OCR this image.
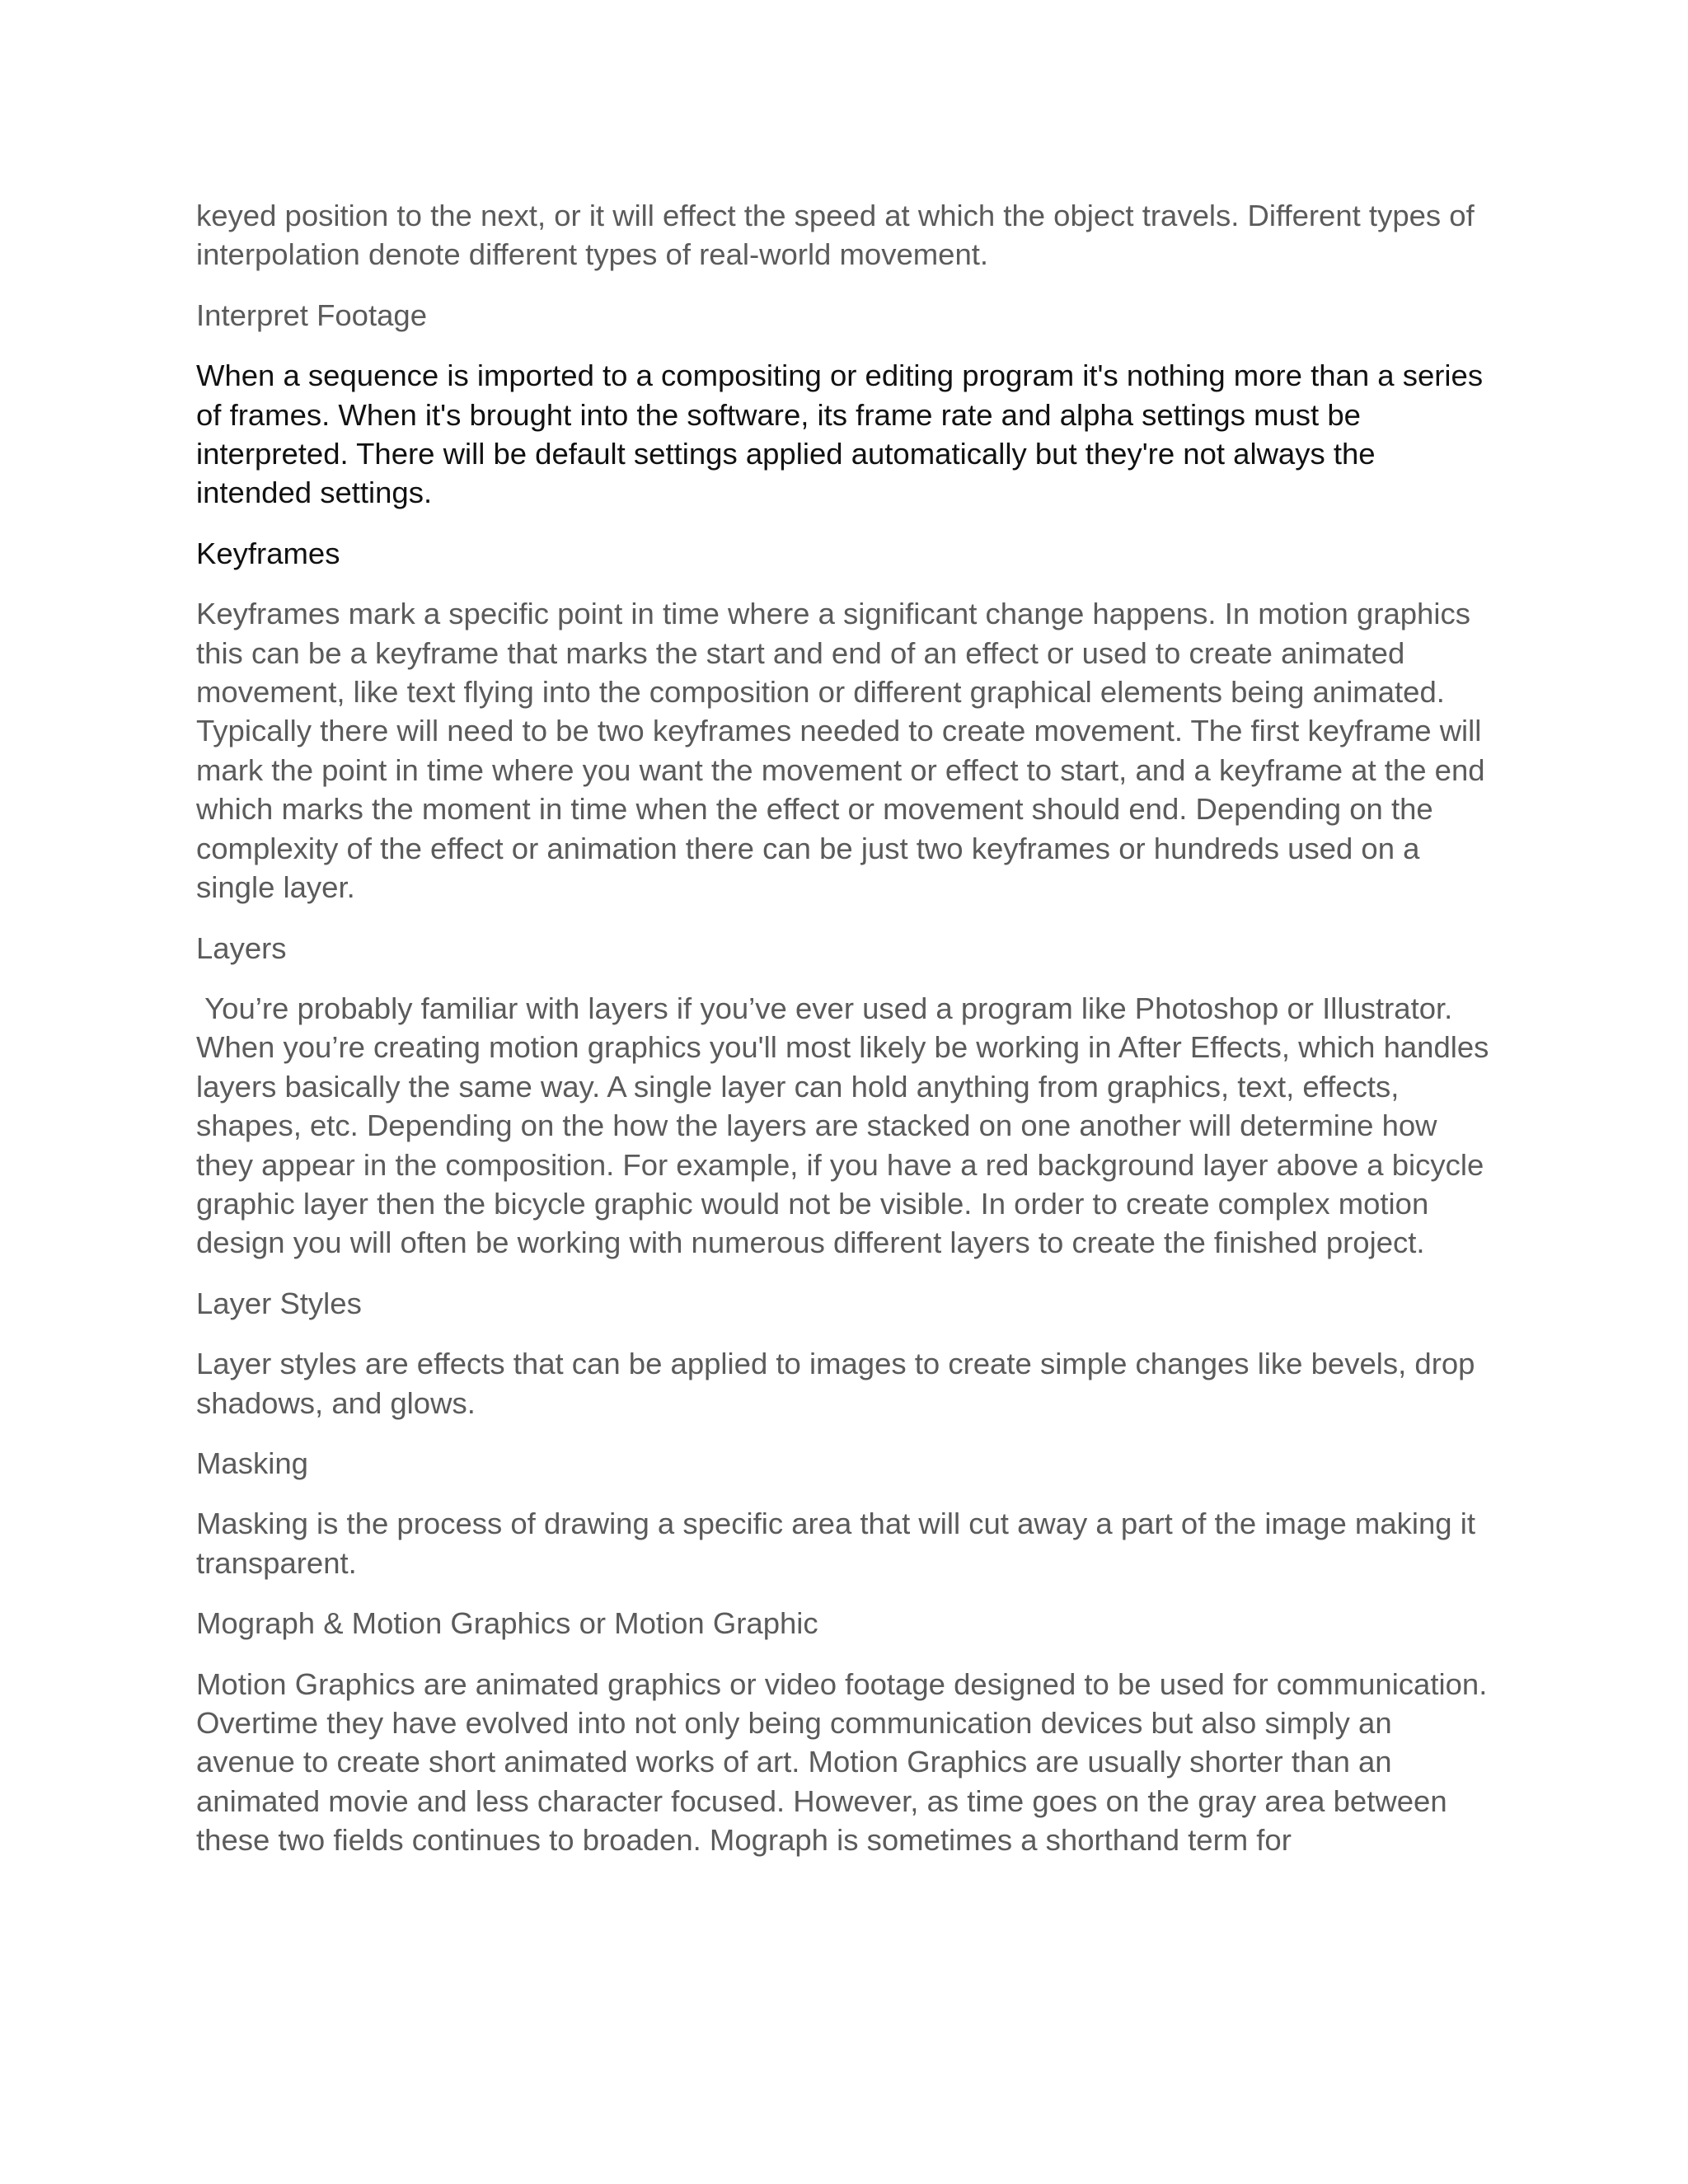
keyed position to the next, or it will effect the speed at which the object travels. Different types of interpolation denote different types of real-world movement.

Interpret Footage

When a sequence is imported to a compositing or editing program it's nothing more than a series of frames. When it's brought into the software, its frame rate and alpha settings must be interpreted. There will be default settings applied automatically but they're not always the intended settings.

Keyframes

Keyframes mark a specific point in time where a significant change happens. In motion graphics this can be a keyframe that marks the start and end of an effect or used to create animated movement, like text flying into the composition or different graphical elements being animated. Typically there will need to be two keyframes needed to create movement. The first keyframe will mark the point in time where you want the movement or effect to start, and a keyframe at the end which marks the moment in time when the effect or movement should end. Depending on the complexity of the effect or animation there can be just two keyframes or hundreds used on a single layer.

Layers

You’re probably familiar with layers if you’ve ever used a program like Photoshop or Illustrator. When you’re creating motion graphics you'll most likely be working in After Effects, which handles layers basically the same way. A single layer can hold anything from graphics, text, effects, shapes, etc. Depending on the how the layers are stacked on one another will determine how they appear in the composition. For example, if you have a red background layer above a bicycle graphic layer then the bicycle graphic would not be visible. In order to create complex motion design you will often be working with numerous different layers to create the finished project.

Layer Styles

Layer styles are effects that can be applied to images to create simple changes like bevels, drop shadows, and glows.

Masking

Masking is the process of drawing a specific area that will cut away a part of the image making it transparent.

Mograph & Motion Graphics or Motion Graphic

Motion Graphics are animated graphics or video footage designed to be used for communication. Overtime they have evolved into not only being communication devices but also simply an avenue to create short animated works of art. Motion Graphics are usually shorter than an animated movie and less character focused. However, as time goes on the gray area between these two fields continues to broaden. Mograph is sometimes a shorthand term for
